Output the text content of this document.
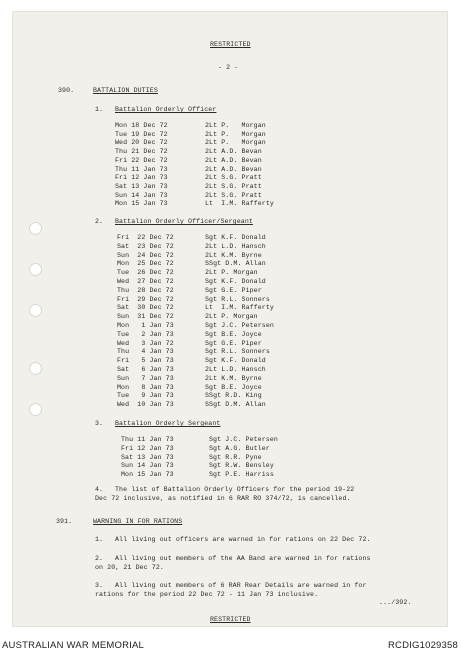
RESTRICTED
- 2 -
390.	BATTALION DUTIES
1. Battalion Orderly Officer
Mon 18 Dec 72	2Lt P.   Morgan
Tue 19 Dec 72	2Lt P.   Morgan
Wed 20 Dec 72	2Lt P.   Morgan
Thu 21 Dec 72	2Lt A.D. Bevan
Fri 22 Dec 72	2Lt A.D. Bevan
Thu 11 Jan 73	2Lt A.D. Bevan
Fri 12 Jan 73	2Lt S.G. Pratt
Sat 13 Jan 73	2Lt S.G. Pratt
Sun 14 Jan 73	2Lt S.G. Pratt
Mon 15 Jan 73	Lt  I.M. Rafferty
2. Battalion Orderly Officer/Sergeant
Fri  22 Dec 72	Sgt K.F. Donald
Sat  23 Dec 72	2Lt L.D. Hansch
Sun  24 Dec 72	2Lt K.M. Byrne
Mon  25 Dec 72	SSgt D.M. Allan
Tue  26 Dec 72	2Lt P. Morgan
Wed  27 Dec 72	Sgt K.F. Donald
Thu  28 Dec 72	Sgt G.E. Piper
Fri  29 Dec 72	Sgt R.L. Sonners
Sat  30 Dec 72	Lt  I.M. Rafferty
Sun  31 Dec 72	2Lt P. Morgan
Mon   1 Jan 73	Sgt J.C. Petersen
Tue   2 Jan 73	Sgt B.E. Joyce
Wed   3 Jan 72	Sgt G.E. Piper
Thu   4 Jan 73	Sgt R.L. Sonners
Fri   5 Jan 73	Sgt K.F. Donald
Sat   6 Jan 73	2Lt L.D. Hansch
Sun   7 Jan 73	2Lt K.M. Byrne
Mon   8 Jan 73	Sgt B.E. Joyce
Tue   9 Jan 73	SSgt R.D. King
Wed  10 Jan 73	SSgt D.M. Allan
3. Battalion Orderly Sergeant
Thu 11 Jan 73	Sgt J.C. Petersen
Fri 12 Jan 73	Sgt A.G. Butler
Sat 13 Jan 73	Sgt R.R. Pyne
Sun 14 Jan 73	Sgt R.W. Bensley
Mon 15 Jan 73	Sgt P.E. Harriss
4. The list of Battalion Orderly Officers for the period 19-22
Dec 72 inclusive, as notified in 6 RAR RO 374/72, is cancelled.
391.	WARNING IN FOR RATIONS
1. All living out officers are warned in for rations on 22 Dec 72.
2. All living out members of the AA Band are warned in for rations
on 20, 21 Dec 72.
3. All living out members of 6 RAR Rear Details are warned in for
rations for the period 22 Dec 72 - 11 Jan 73 inclusive.
.../392.
RESTRICTED
AUSTRALIAN WAR MEMORIAL	RCDIG1029358
